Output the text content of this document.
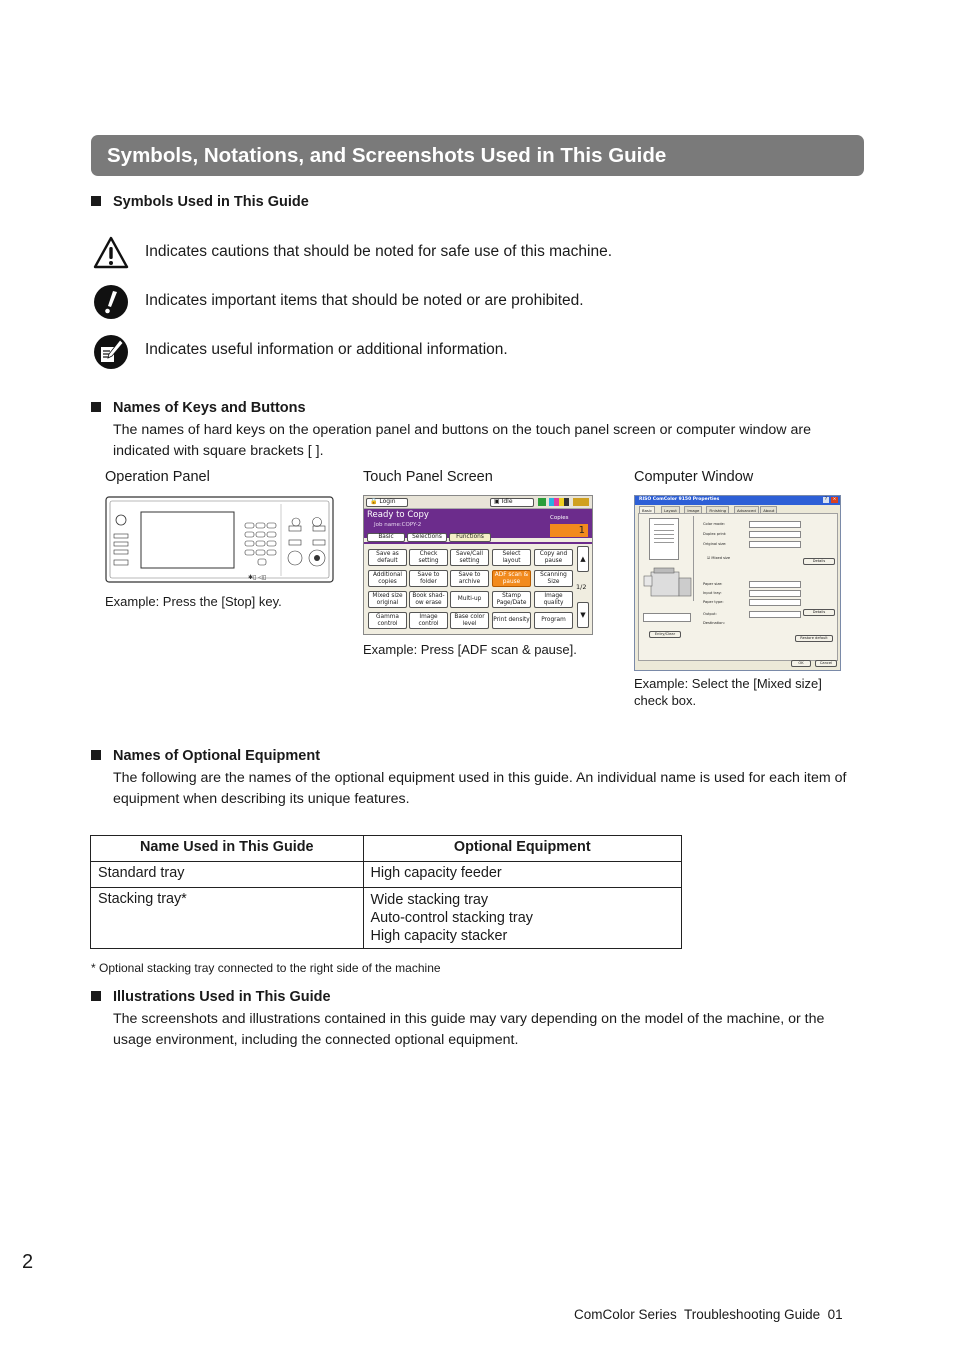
Symbols, Notations, and Screenshots Used in This Guide
Symbols Used in This Guide
Indicates cautions that should be noted for safe use of this machine.
Indicates important items that should be noted or are prohibited.
Indicates useful information or additional information.
Names of Keys and Buttons
The names of hard keys on the operation panel and buttons on the touch panel screen or computer window are indicated with square brackets [ ].
Operation Panel	Touch Panel Screen	Computer Window
✱▯ ◁▯
Example: Press the [Stop] key.
🔒 Login	▣ Idle
Ready to Copy
Job name:COPY-2
Copies
1
Basic	Selections	Functions
Save as default
Check setting
Save/Call setting
Select layout
Copy and pause
Additional copies
Save to folder
Save to archive
ADF scan & pause
Scanning Size
Mixed size original
Book shad-ow erase
Multi-up
Stamp Page/Date
Image quality
Gamma control
Image control
Base color level
Print density	Program
▲
1/2
▼
Example: Press [ADF scan & pause].
RISO ComColor 9150 Properties	?	×
Basic	Layout	Image	Finishing	Advanced	About
Color mode:
Duplex print:
Original size:
Paper size:
Input tray:
Paper type:
Output:
Destination:
☑ Mixed size
Entry/Clear
Details
Details
Restore default
OK	Cancel
Example: Select the [Mixed size] check box.
Names of Optional Equipment
The following are the names of the optional equipment used in this guide. An individual name is used for each item of equipment when describing its unique features.
Name Used in This Guide	Optional Equipment
Standard tray	High capacity feeder

Stacking tray*	Wide stacking tray
Auto-control stacking tray
High capacity stacker
* Optional stacking tray connected to the right side of the machine
Illustrations Used in This Guide
The screenshots and illustrations contained in this guide may vary depending on the model of the machine, or the usage environment, including the connected optional equipment.
2
ComColor Series  Troubleshooting Guide  01
